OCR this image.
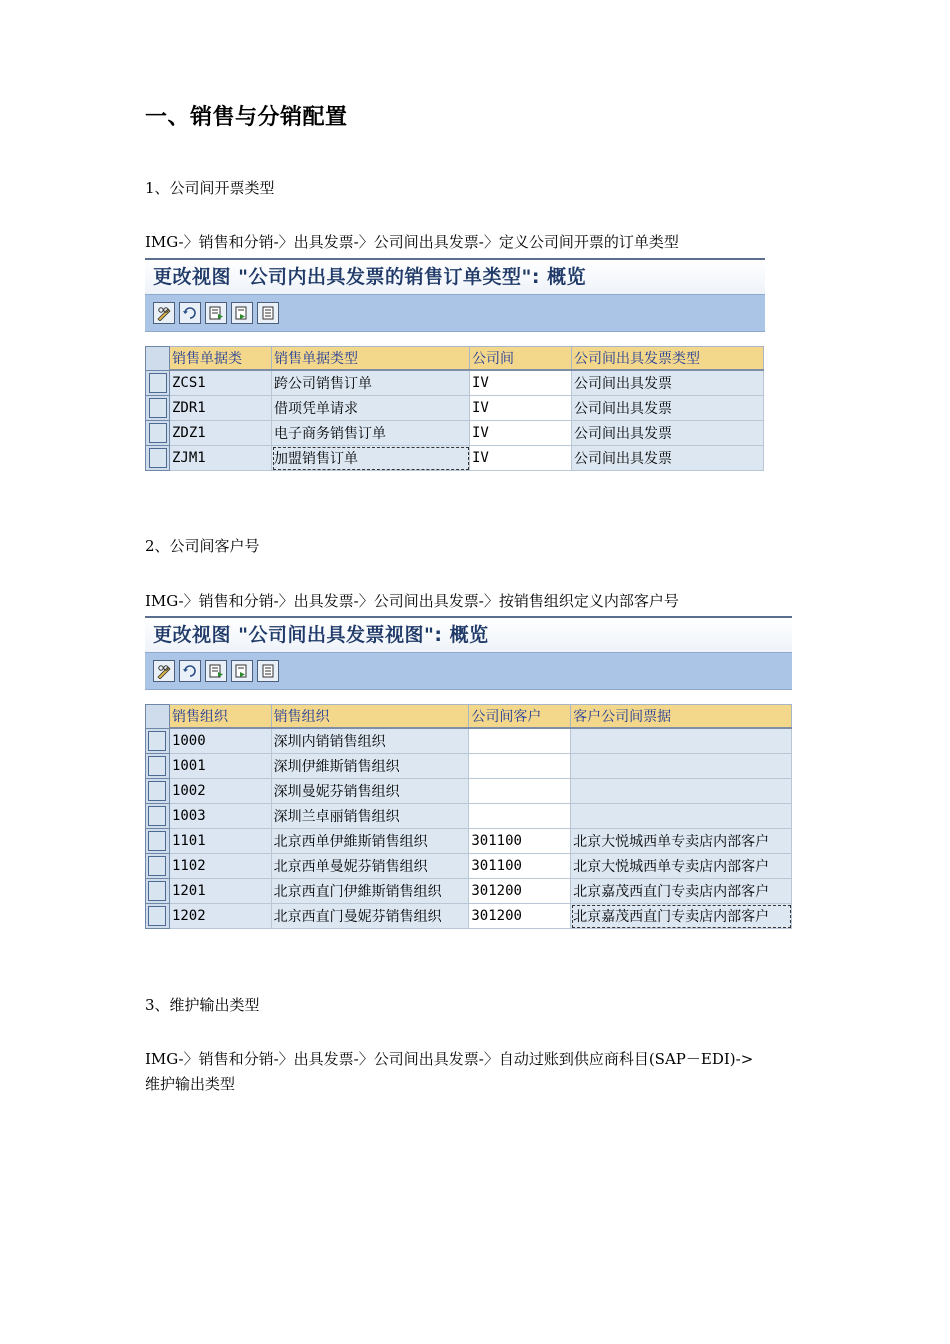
一、销售与分销配置
1、公司间开票类型
IMG-〉销售和分销-〉出具发票-〉公司间出具发票-〉定义公司间开票的订单类型
更改视图 "公司内出具发票的销售订单类型": 概览
	销售单据类	销售单据类型	公司间	公司间出具发票类型

	ZCS1	跨公司销售订单	IV	公司间出具发票

	ZDR1	借项凭单请求	IV	公司间出具发票

	ZDZ1	电子商务销售订单	IV	公司间出具发票

	ZJM1	加盟销售订单	IV	公司间出具发票
2、公司间客户号
IMG-〉销售和分销-〉出具发票-〉公司间出具发票-〉按销售组织定义内部客户号
更改视图 "公司间出具发票视图": 概览
	销售组织	销售组织	公司间客户	客户公司间票据

	1000	深圳内销销售组织		

	1001	深圳伊維斯销售组织		

	1002	深圳曼妮芬销售组织		

	1003	深圳兰卓丽销售组织		

	1101	北京西单伊維斯销售组织	301100	北京大悦城西单专卖店内部客户

	1102	北京西单曼妮芬销售组织	301100	北京大悦城西单专卖店内部客户

	1201	北京西直门伊維斯销售组织	301200	北京嘉茂西直门专卖店内部客户

	1202	北京西直门曼妮芬销售组织	301200	北京嘉茂西直门专卖店内部客户
3、维护输出类型
IMG-〉销售和分销-〉出具发票-〉公司间出具发票-〉自动过账到供应商科目(SAP－EDI)->
维护输出类型
